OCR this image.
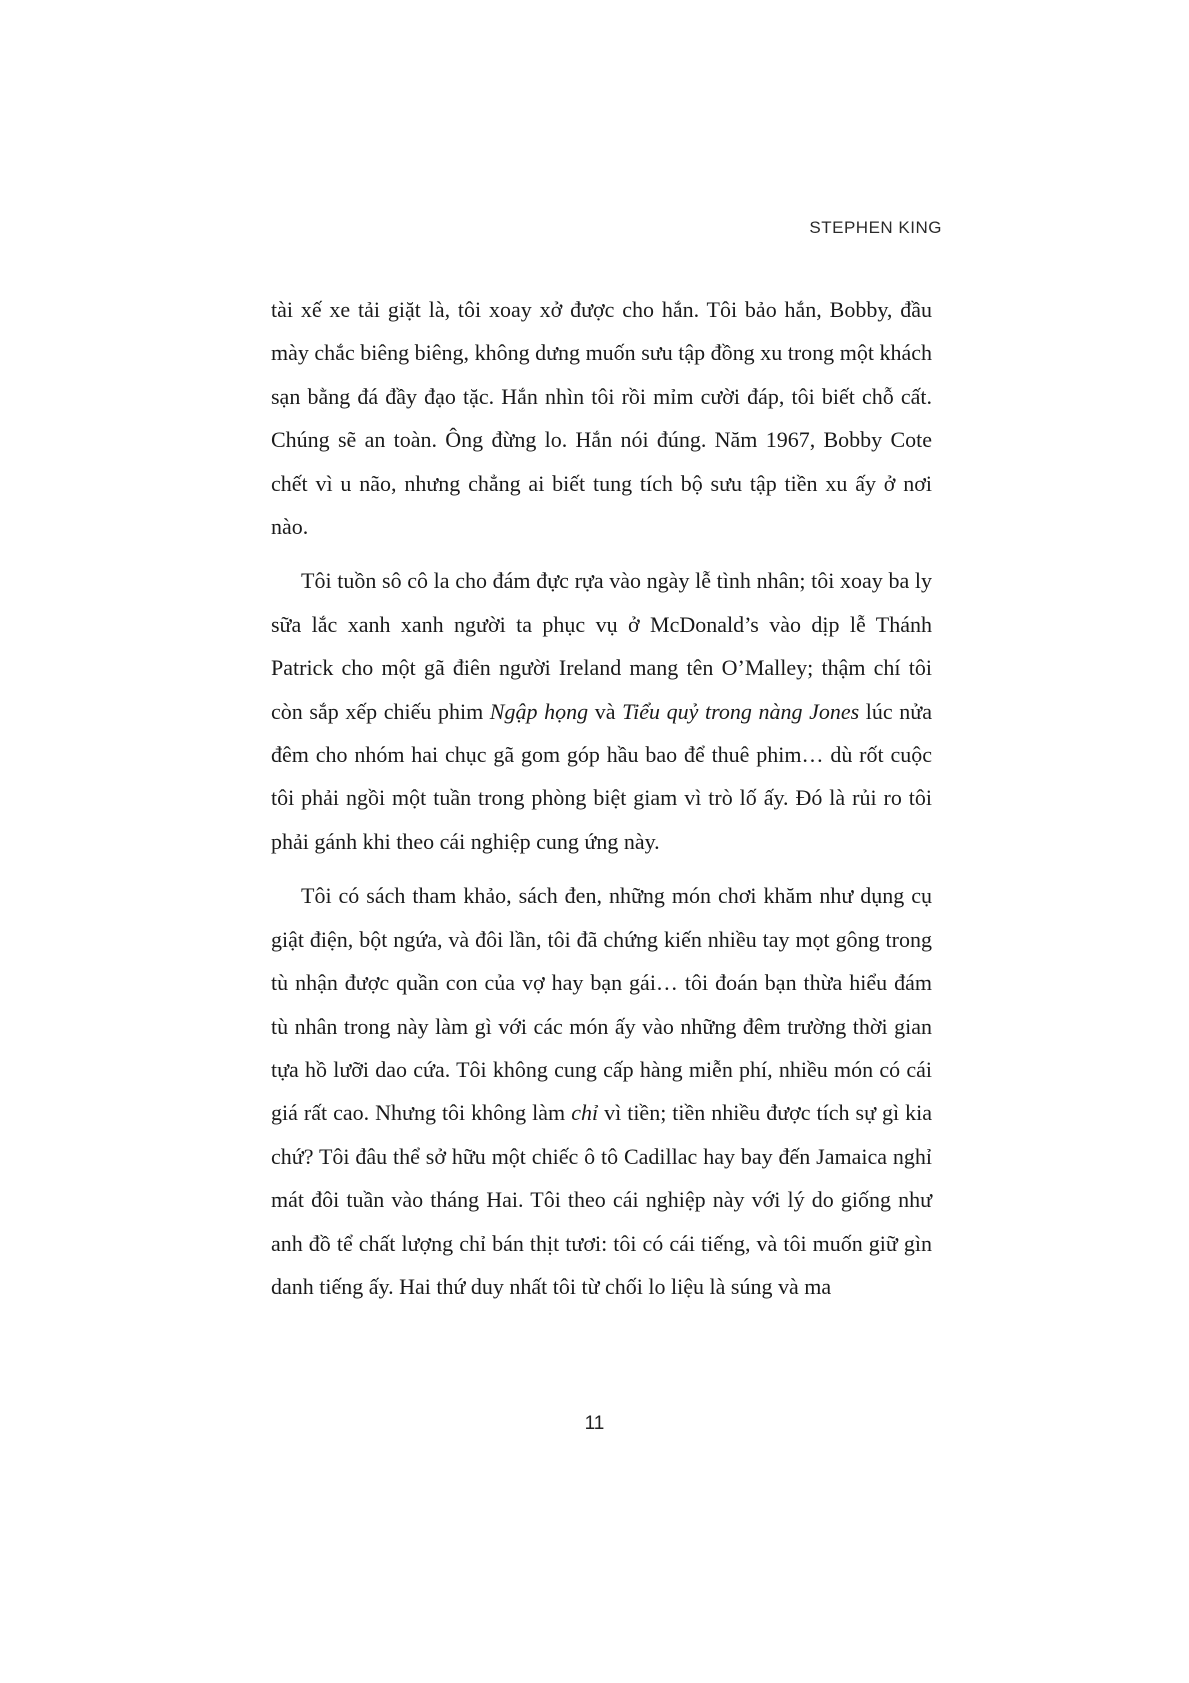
STEPHEN KING

tài xế xe tải giặt là, tôi xoay xở được cho hắn. Tôi bảo hắn, Bobby, đầu mày chắc biêng biêng, không dưng muốn sưu tập đồng xu trong một khách sạn bằng đá đầy đạo tặc. Hắn nhìn tôi rồi mỉm cười đáp, tôi biết chỗ cất. Chúng sẽ an toàn. Ông đừng lo. Hắn nói đúng. Năm 1967, Bobby Cote chết vì u não, nhưng chẳng ai biết tung tích bộ sưu tập tiền xu ấy ở nơi nào.

Tôi tuồn sô cô la cho đám đực rựa vào ngày lễ tình nhân; tôi xoay ba ly sữa lắc xanh xanh người ta phục vụ ở McDonald’s vào dịp lễ Thánh Patrick cho một gã điên người Ireland mang tên O’Malley; thậm chí tôi còn sắp xếp chiếu phim Ngập họng và Tiểu quỷ trong nàng Jones lúc nửa đêm cho nhóm hai chục gã gom góp hầu bao để thuê phim… dù rốt cuộc tôi phải ngồi một tuần trong phòng biệt giam vì trò lố ấy. Đó là rủi ro tôi phải gánh khi theo cái nghiệp cung ứng này.

Tôi có sách tham khảo, sách đen, những món chơi khăm như dụng cụ giật điện, bột ngứa, và đôi lần, tôi đã chứng kiến nhiều tay mọt gông trong tù nhận được quần con của vợ hay bạn gái… tôi đoán bạn thừa hiểu đám tù nhân trong này làm gì với các món ấy vào những đêm trường thời gian tựa hồ lưỡi dao cứa. Tôi không cung cấp hàng miễn phí, nhiều món có cái giá rất cao. Nhưng tôi không làm chỉ vì tiền; tiền nhiều được tích sự gì kia chứ? Tôi đâu thể sở hữu một chiếc ô tô Cadillac hay bay đến Jamaica nghỉ mát đôi tuần vào tháng Hai. Tôi theo cái nghiệp này với lý do giống như anh đồ tể chất lượng chỉ bán thịt tươi: tôi có cái tiếng, và tôi muốn giữ gìn danh tiếng ấy. Hai thứ duy nhất tôi từ chối lo liệu là súng và ma

11
